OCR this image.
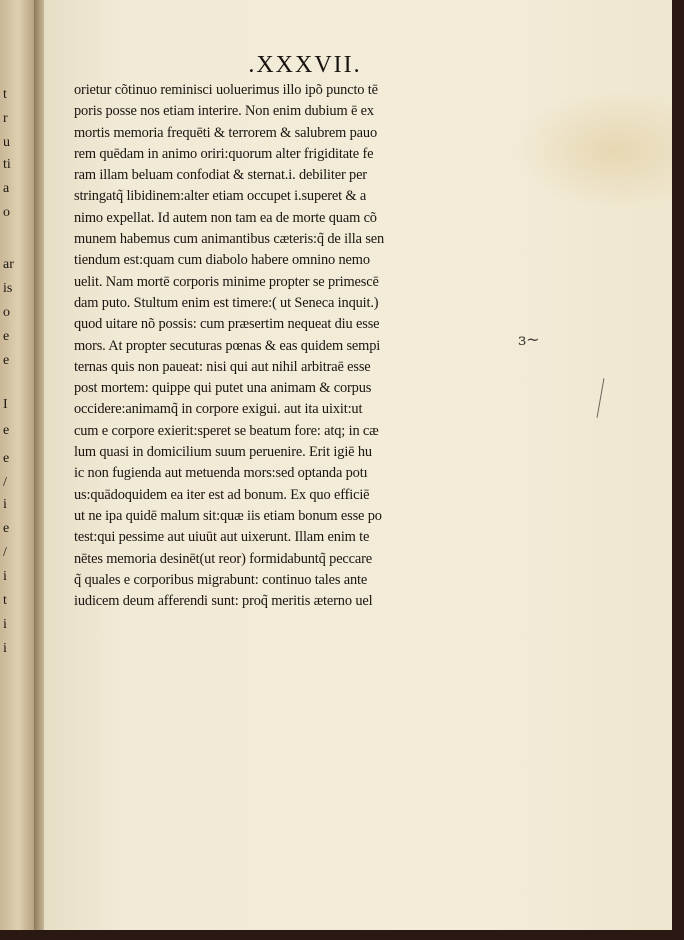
t
r
u
ti
a
o
ar
is
o
e
e
I
e
e
/
i
e
/
i
t
i
i
.XXXVII.
orietur cõtinuo reminisci uoluerimus illo ipõ puncto tē
poris posse nos etiam interire. Non enim dubium ē ex
mortis memoria frequēti & terrorem & salubrem pauo
rem quēdam in animo oriri:quorum alter frigiditate fe
ram illam beluam confodiat & sternat.i. debiliter per
stringatq̃ libidinem:alter etiam occupet i.superet & a
nimo expellat. Id autem non tam ea de morte quam cõ
munem habemus cum animantibus cæteris:q̃ de illa sen
tiendum est:quam cum diabolo habere omnino nemo
uelit. Nam mortē corporis minime propter se primescē
dam puto. Stultum enim est timere:( ut Seneca inquit.)
quod uitare nõ possis: cum præsertim nequeat diu esse
mors. At propter secuturas pœnas & eas quidem sempi
ternas quis non paueat: nisi qui aut nihil arbitraē esse
post mortem: quippe qui putet una animam & corpus
occidere:animamq̃ in corpore exigui. aut ita uixit:ut
cum e corpore exierit:speret se beatum fore: atq; in cæ
lum quasi in domicilium suum peruenire. Erit igiē hu
ic non fugienda aut metuenda mors:sed optanda potı
us:quādoquidem ea iter est ad bonum. Ex quo efficiē
ut ne ipa quidē malum sit:quæ iis etiam bonum esse po
test:qui pessime aut uiuūt aut uixerunt. Illam enim te
nētes memoria desinēt(ut reor) formidabuntq̃ peccare
q̃ quales e corporibus migrabunt: continuo tales ante
iudicem deum afferendi sunt: proq̃ meritis æterno uel
ɜ~
